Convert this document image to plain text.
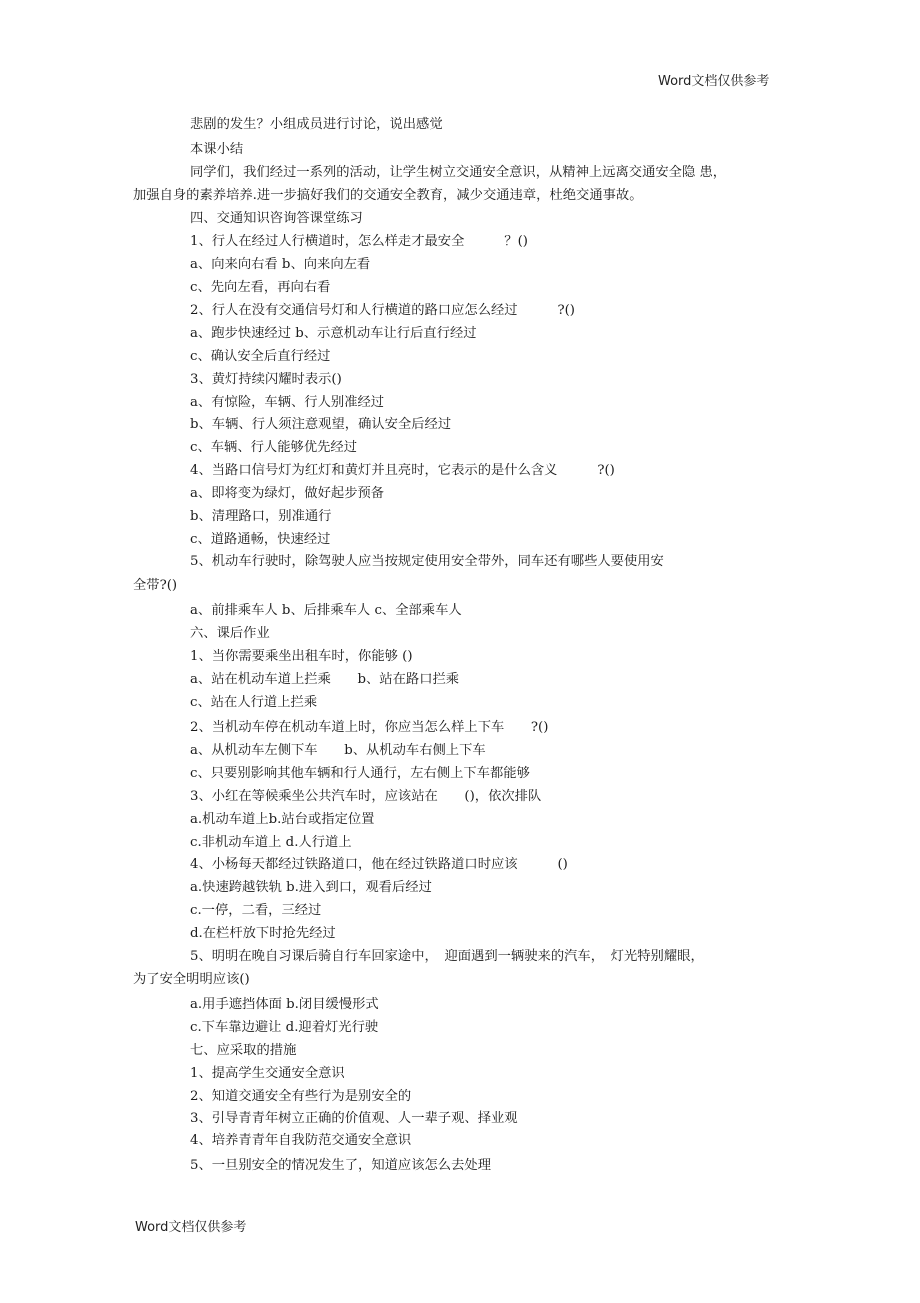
Word文档仅供参考
悲剧的发生？小组成员进行讨论，说出感觉
本课小结
同学们，我们经过一系列的活动，让学生树立交通安全意识，从精神上远离交通安全隐 患，
加强自身的素养培养.进一步搞好我们的交通安全教育，减少交通违章，杜绝交通事故。
四、交通知识咨询答课堂练习
1、行人在经过人行横道时，怎么样走才最安全　　　？()
a、向来向右看 b、向来向左看
c、先向左看，再向右看
2、行人在没有交通信号灯和人行横道的路口应怎么经过　　　?()
a、跑步快速经过 b、示意机动车让行后直行经过
c、确认安全后直行经过
3、黄灯持续闪耀时表示()
a、有惊险，车辆、行人别准经过
b、车辆、行人须注意观望，确认安全后经过
c、车辆、行人能够优先经过
4、当路口信号灯为红灯和黄灯并且亮时，它表示的是什么含义　　　?()
a、即将变为绿灯，做好起步预备
b、清理路口，别准通行
c、道路通畅，快速经过
5、机动车行驶时，除驾驶人应当按规定使用安全带外，同车还有哪些人要使用安
全带?()
a、前排乘车人 b、后排乘车人 c、全部乘车人
六、课后作业
1、当你需要乘坐出租车时，你能够 ()
a、站在机动车道上拦乘　　b、站在路口拦乘
c、站在人行道上拦乘
2、当机动车停在机动车道上时，你应当怎么样上下车　　?()
a、从机动车左侧下车　　b、从机动车右侧上下车
c、只要别影响其他车辆和行人通行，左右侧上下车都能够
3、小红在等候乘坐公共汽车时，应该站在　　()，依次排队
a.机动车道上b.站台或指定位置
c.非机动车道上 d.人行道上
4、小杨每天都经过铁路道口，他在经过铁路道口时应该　　　()
a.快速跨越铁轨 b.进入到口，观看后经过
c.一停，二看，三经过
d.在栏杆放下时抢先经过
5、明明在晚自习课后骑自行车回家途中，　迎面遇到一辆驶来的汽车，　灯光特别耀眼，
为了安全明明应该()
a.用手遮挡体面 b.闭目缓慢形式
c.下车靠边避让 d.迎着灯光行驶
七、应采取的措施
1、提高学生交通安全意识
2、知道交通安全有些行为是别安全的
3、引导青青年树立正确的价值观、人一辈子观、择业观
4、培养青青年自我防范交通安全意识
5、一旦别安全的情况发生了，知道应该怎么去处理
Word文档仅供参考
